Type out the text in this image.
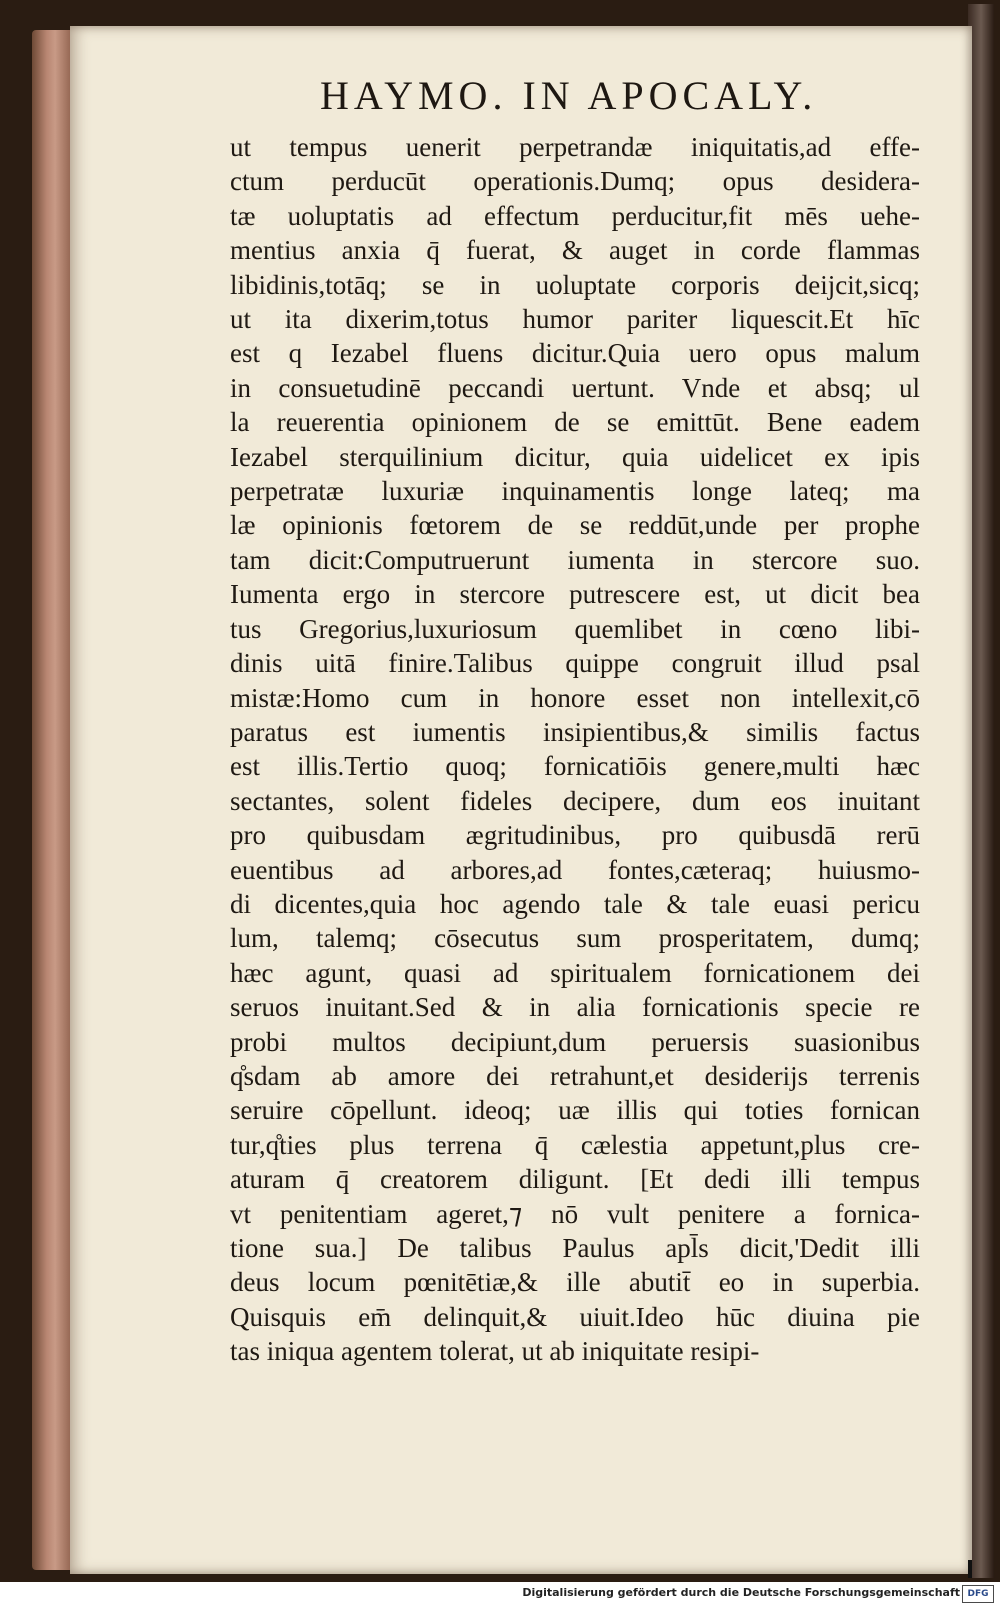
HAYMO. IN APOCALY.
ut tempus uenerit perpetrandæ iniquitatis,ad effe-
ctum perducūt operationis.Dumq; opus desidera-
tæ uoluptatis ad effectum perducitur,fit mēs uehe-
mentius anxia q̄ fuerat, & auget in corde flammas
libidinis,totāq; se in uoluptate corporis deijcit,sicq;
ut ita dixerim,totus humor pariter liquescit.Et hīc
est q Iezabel fluens dicitur.Quia uero opus malum
in consuetudinē peccandi uertunt. Vnde et absq; ul
la reuerentia opinionem de se emittūt. Bene eadem
Iezabel sterquilinium dicitur, quia uidelicet ex ipis
perpetratæ luxuriæ inquinamentis longe lateq; ma
læ opinionis fœtorem de se reddūt,unde per prophe
tam dicit:Computruerunt iumenta in stercore suo.
Iumenta ergo in stercore putrescere est, ut dicit bea
tus Gregorius,luxuriosum quemlibet in cœno libi-
dinis uitā finire.Talibus quippe congruit illud psal
mistæ:Homo cum in honore esset non intellexit,cō
paratus est iumentis insipientibus,& similis factus
est illis.Tertio quoq; fornicatiōis genere,multi hæc
sectantes, solent fideles decipere, dum eos inuitant
pro quibusdam ægritudinibus, pro quibusdā rerū
euentibus ad arbores,ad fontes,cæteraq; huiusmo-
di dicentes,quia hoc agendo tale & tale euasi pericu
lum, talemq; cōsecutus sum prosperitatem, dumq;
hæc agunt, quasi ad spiritualem fornicationem dei
seruos inuitant.Sed & in alia fornicationis specie re
probi multos decipiunt,dum peruersis suasionibus
q̊sdam ab amore dei retrahunt,et desiderijs terrenis
seruire cōpellunt. ideoq; uæ illis qui toties fornican
tur,q̊ties plus terrena q̄ cælestia appetunt,plus cre-
aturam q̄ creatorem diligunt. [Et dedi illi tempus
vt penitentiam ageret,⁊ nō vult penitere a fornica-
tione sua.] De talibus Paulus apl̄s dicit,'Dedit illi
deus locum pœnitētiæ,& ille abutit̄ eo in superbia.
Quisquis em̄ delinquit,& uiuit.Ideo hūc diuina pie
tas iniqua agentem tolerat, ut ab iniquitate resipi-
Digitalisierung gefördert durch die Deutsche Forschungsgemeinschaft DFG
